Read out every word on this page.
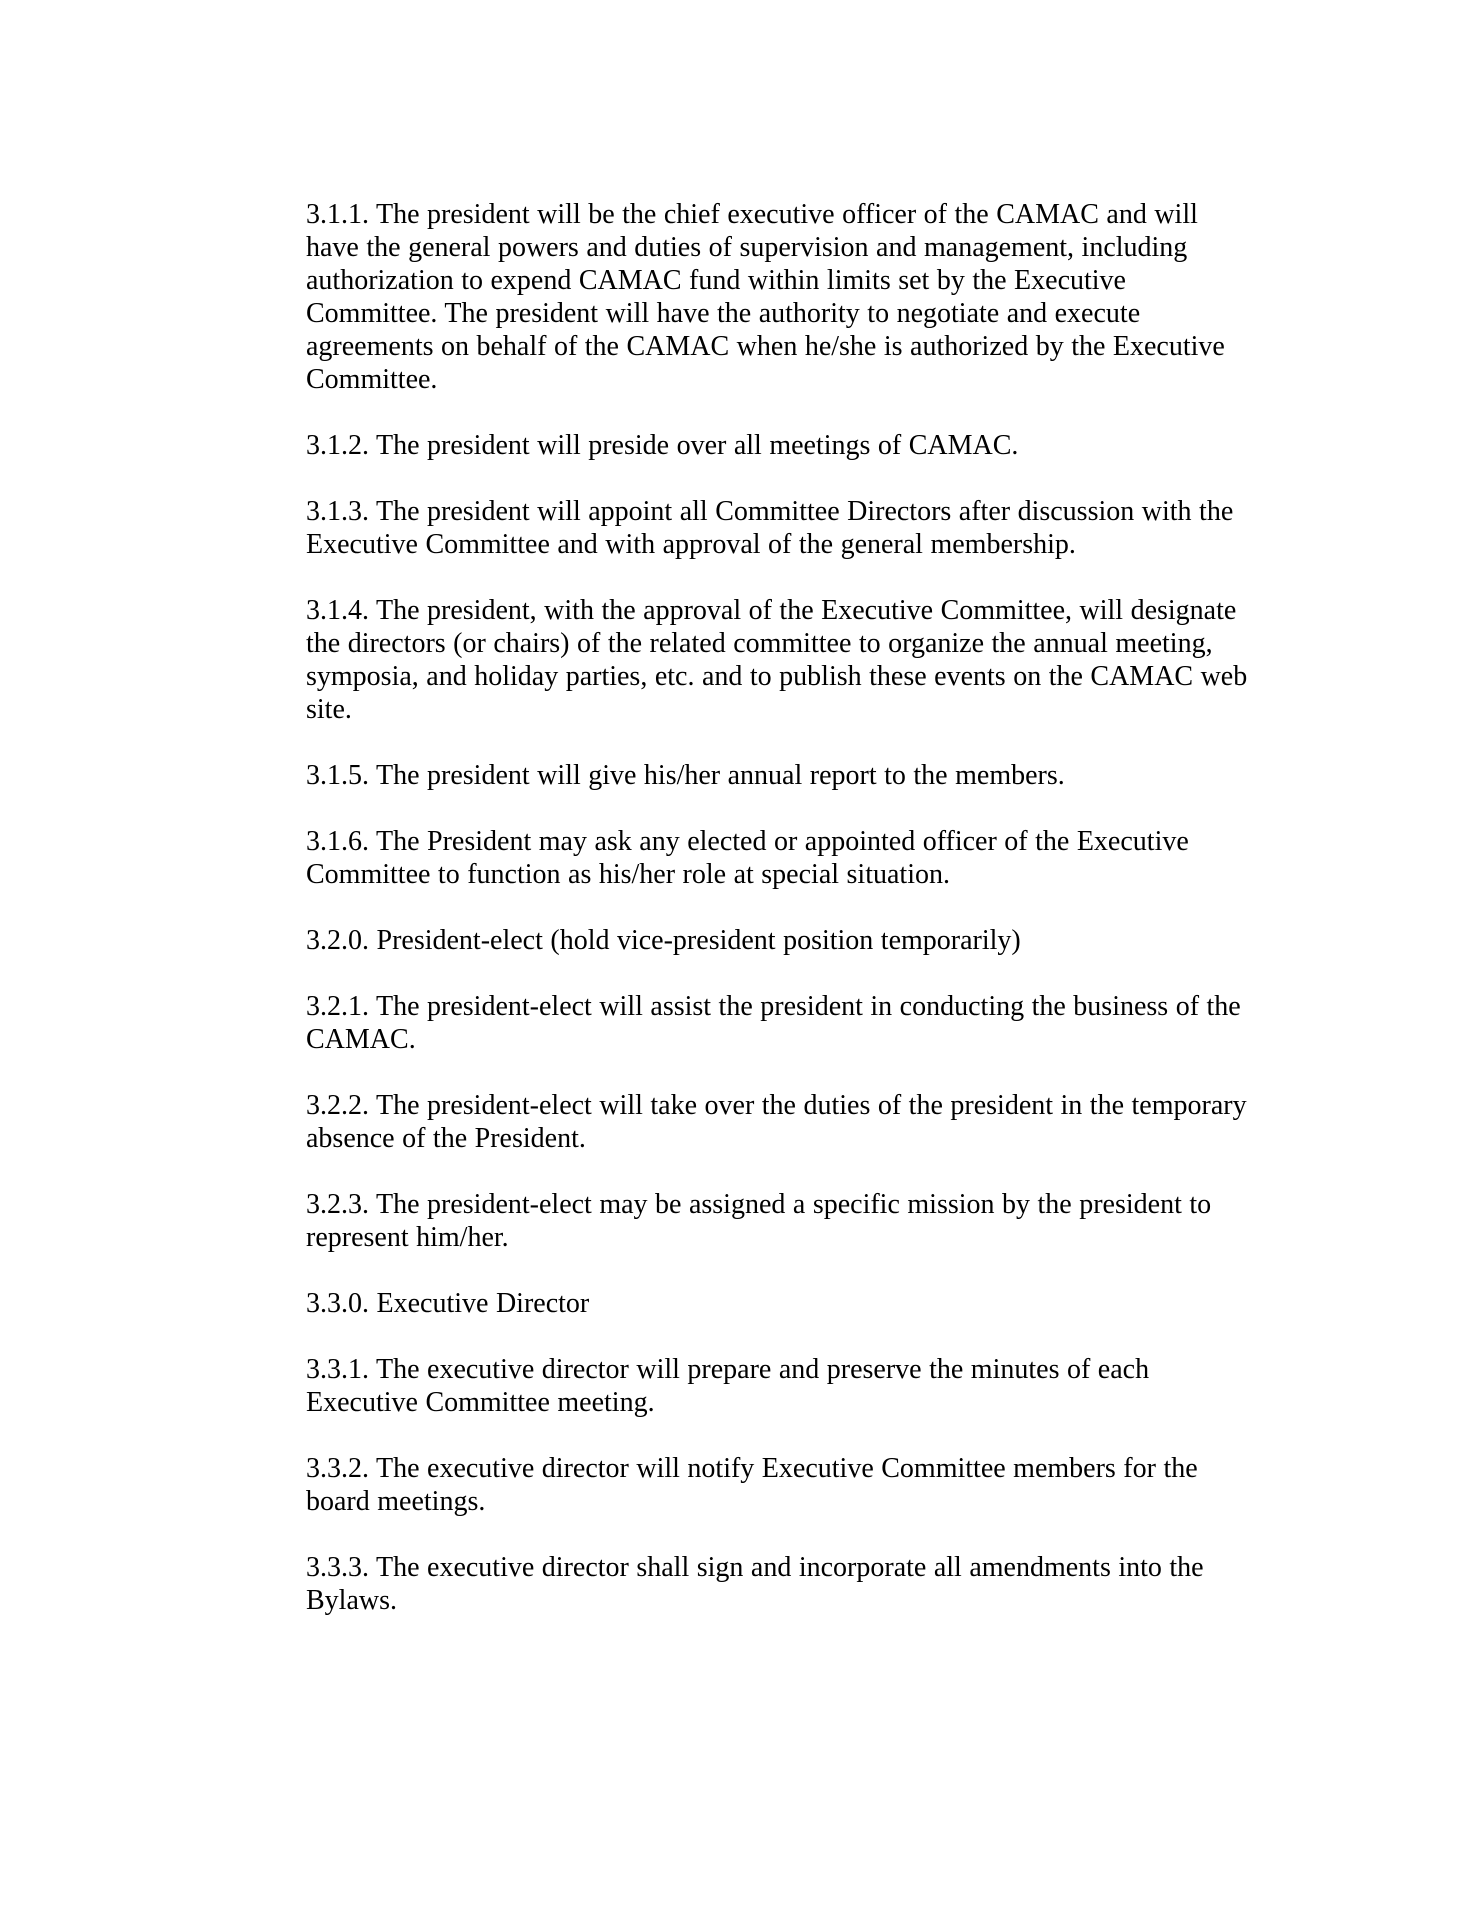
3.1.1. The president will be the chief executive officer of the CAMAC and will have the general powers and duties of supervision and management, including authorization to expend CAMAC fund within limits set by the Executive Committee. The president will have the authority to negotiate and execute agreements on behalf of the CAMAC when he/she is authorized by the Executive Committee.

3.1.2. The president will preside over all meetings of CAMAC.

3.1.3. The president will appoint all Committee Directors after discussion with the Executive Committee and with approval of the general membership.

3.1.4. The president, with the approval of the Executive Committee, will designate the directors (or chairs) of the related committee to organize the annual meeting, symposia, and holiday parties, etc. and to publish these events on the CAMAC web site.

3.1.5. The president will give his/her annual report to the members.

3.1.6. The President may ask any elected or appointed officer of the Executive Committee to function as his/her role at special situation.

3.2.0. President-elect (hold vice-president position temporarily)

3.2.1. The president-elect will assist the president in conducting the business of the CAMAC.

3.2.2. The president-elect will take over the duties of the president in the temporary absence of the President.

3.2.3. The president-elect may be assigned a specific mission by the president to represent him/her.

3.3.0. Executive Director

3.3.1. The executive director will prepare and preserve the minutes of each Executive Committee meeting.

3.3.2. The executive director will notify Executive Committee members for the board meetings.

3.3.3. The executive director shall sign and incorporate all amendments into the Bylaws.
